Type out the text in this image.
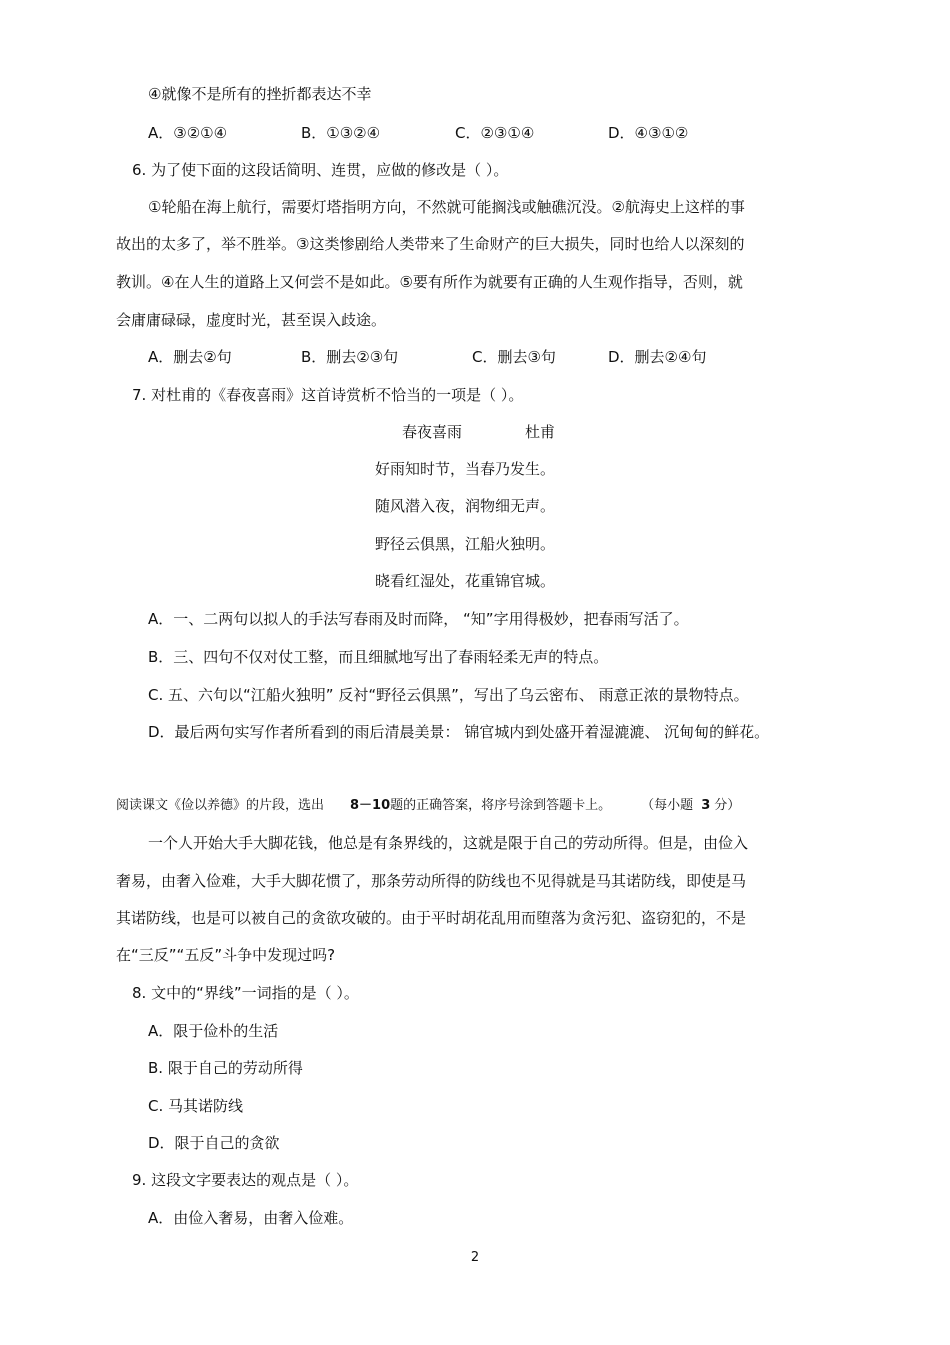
④就像不是所有的挫折都表达不幸
A．③②①④	B．①③②④	C．②③①④	D．④③①②
6. 为了使下面的这段话简明、连贯，应做的修改是（ ）。
①轮船在海上航行，需要灯塔指明方向，不然就可能搁浅或触礁沉没。②航海史上这样的事
故出的太多了，举不胜举。③这类惨剧给人类带来了生命财产的巨大损失，同时也给人以深刻的
教训。④在人生的道路上又何尝不是如此。⑤要有所作为就要有正确的人生观作指导，否则，就
会庸庸碌碌，虚度时光，甚至误入歧途。
A．删去②句	B．删去②③句	C．删去③句	D．删去②④句
7. 对杜甫的《春夜喜雨》这首诗赏析不恰当的一项是（ ）。
春夜喜雨	杜甫
好雨知时节，当春乃发生。
随风潜入夜，润物细无声。
野径云俱黑，江船火独明。
晓看红湿处，花重锦官城。
A．一、二两句以拟人的手法写春雨及时而降， “知”字用得极妙，把春雨写活了。
B．三、四句不仅对仗工整，而且细腻地写出了春雨轻柔无声的特点。
C. 五、六句以“江船火独明” 反衬“野径云俱黑”，写出了乌云密布、 雨意正浓的景物特点。
D．最后两句实写作者所看到的雨后清晨美景： 锦官城内到处盛开着湿漉漉、 沉甸甸的鲜花。
阅读课文《俭以养德》的片段，选出 8－10题的正确答案，将序号涂到答题卡上。 （每小题 3 分）
一个人开始大手大脚花钱，他总是有条界线的，这就是限于自己的劳动所得。但是，由俭入
奢易，由奢入俭难，大手大脚花惯了，那条劳动所得的防线也不见得就是马其诺防线，即使是马
其诺防线，也是可以被自己的贪欲攻破的。由于平时胡花乱用而堕落为贪污犯、盗窃犯的，不是
在“三反”“五反”斗争中发现过吗?
8. 文中的“界线”一词指的是（ ）。
A．限于俭朴的生活
B. 限于自己的劳动所得
C. 马其诺防线
D．限于自己的贪欲
9. 这段文字要表达的观点是（ ）。
A．由俭入奢易，由奢入俭难。
2
